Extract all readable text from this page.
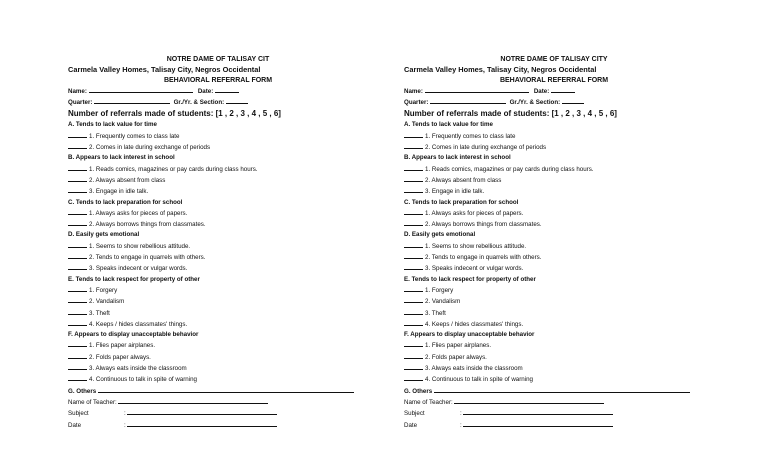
NOTRE DAME OF TALISAY CIT
Carmela Valley Homes, Talisay City, Negros Occidental
BEHAVIORAL REFERRAL FORM
Name:	Date:
Quarter:	Gr./Yr. & Section:
Number of referrals made of students: [1 , 2 , 3 , 4 , 5 , 6]
A. Tends to lack value for time
1. Frequently comes to class late
2. Comes in late during exchange of periods
B. Appears to lack interest in school
1. Reads comics, magazines or pay cards during class hours.
2. Always absent from class
3. Engage in idle talk.
C. Tends to lack preparation for school
1. Always asks for pieces of papers.
2. Always borrows things from classmates.
D. Easily gets emotional
1. Seems to show rebellious attitude.
2. Tends to engage in quarrels with others.
3. Speaks indecent or vulgar words.
E. Tends to lack respect for property of other
1. Forgery
2. Vandalism
3. Theft
4. Keeps / hides classmates' things.
F. Appears to display unacceptable behavior
1. Flies paper airplanes.
2. Folds paper always.
3. Always eats inside the classroom
4. Continuous to talk in spite of warning
G. Others
Name of Teacher:
Subject	:
Date	:
NOTRE DAME OF TALISAY CITY
Carmela Valley Homes, Talisay City, Negros Occidental
BEHAVIORAL REFERRAL FORM
Name:	Date:
Quarter:	Gr./Yr. & Section:
Number of referrals made of students: [1 , 2 , 3 , 4 , 5 , 6]
A. Tends to lack value for time
1. Frequently comes to class late
2. Comes in late during exchange of periods
B. Appears to lack interest in school
1. Reads comics, magazines or pay cards during class hours.
2. Always absent from class
3. Engage in idle talk.
C. Tends to lack preparation for school
1. Always asks for pieces of papers.
2. Always borrows things from classmates.
D. Easily gets emotional
1. Seems to show rebellious attitude.
2. Tends to engage in quarrels with others.
3. Speaks indecent or vulgar words.
E. Tends to lack respect for property of other
1. Forgery
2. Vandalism
3. Theft
4. Keeps / hides classmates' things.
F. Appears to display unacceptable behavior
1. Flies paper airplanes.
2. Folds paper always.
3. Always eats inside the classroom
4. Continuous to talk in spite of warning
G. Others
Name of Teacher:
Subject	:
Date	:
